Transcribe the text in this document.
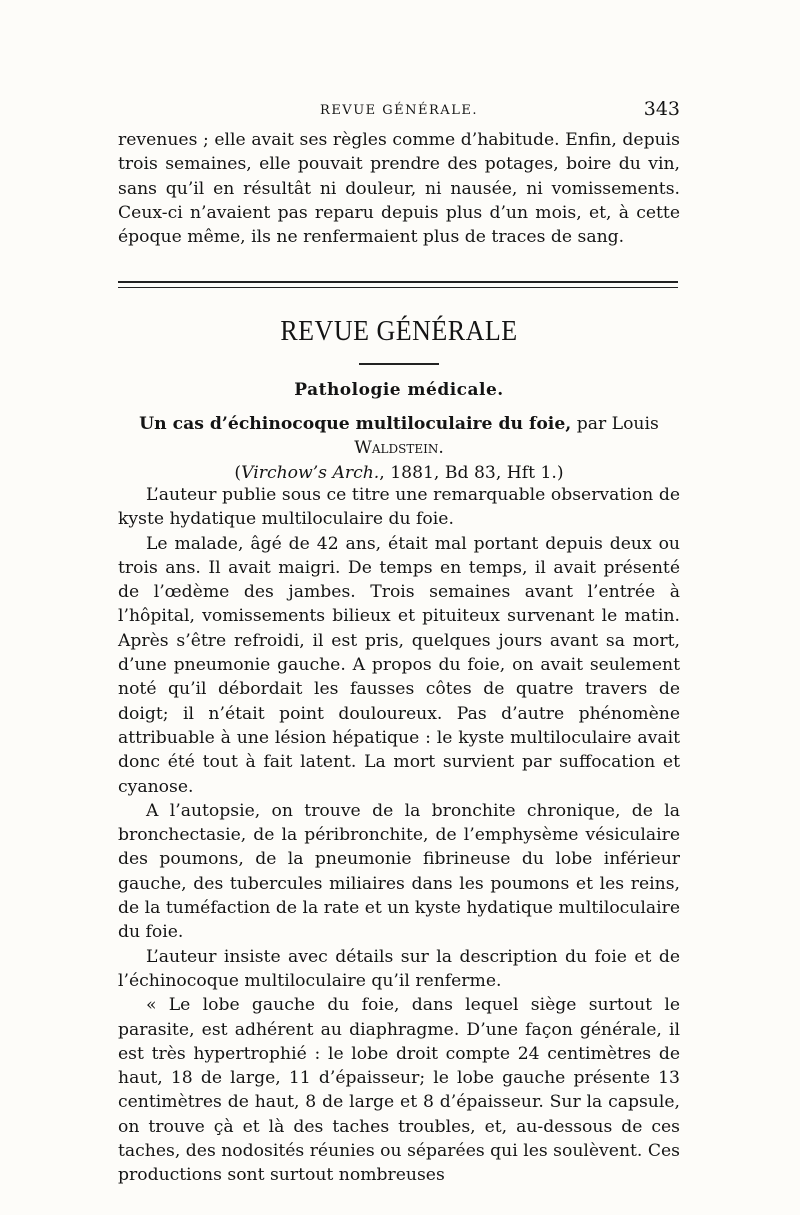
REVUE GÉNÉRALE.	343

revenues ; elle avait ses règles comme d’habitude. Enfin, depuis trois semaines, elle pouvait prendre des potages, boire du vin, sans qu’il en résultât ni douleur, ni nausée, ni vomissements. Ceux-ci n’avaient pas reparu depuis plus d’un mois, et, à cette époque même, ils ne renfermaient plus de traces de sang.

REVUE GÉNÉRALE
Pathologie médicale.
Un cas d’échinocoque multiloculaire du foie, par Louis Waldstein.
(Virchow’s Arch., 1881, Bd 83, Hft 1.)

L’auteur publie sous ce titre une remarquable observation de kyste hydatique multiloculaire du foie.

Le malade, âgé de 42 ans, était mal portant depuis deux ou trois ans. Il avait maigri. De temps en temps, il avait présenté de l’œdème des jambes. Trois semaines avant l’entrée à l’hôpital, vomissements bilieux et pituiteux survenant le matin. Après s’être refroidi, il est pris, quelques jours avant sa mort, d’une pneumonie gauche. A propos du foie, on avait seulement noté qu’il débordait les fausses côtes de quatre travers de doigt; il n’était point douloureux. Pas d’autre phénomène attribuable à une lésion hépatique : le kyste multiloculaire avait donc été tout à fait latent. La mort survient par suffocation et cyanose.

A l’autopsie, on trouve de la bronchite chronique, de la bronchectasie, de la péribronchite, de l’emphysème vésiculaire des poumons, de la pneumonie fibrineuse du lobe inférieur gauche, des tubercules miliaires dans les poumons et les reins, de la tuméfaction de la rate et un kyste hydatique multiloculaire du foie.

L’auteur insiste avec détails sur la description du foie et de l’échinocoque multiloculaire qu’il renferme.

« Le lobe gauche du foie, dans lequel siège surtout le parasite, est adhérent au diaphragme. D’une façon générale, il est très hypertrophié : le lobe droit compte 24 centimètres de haut, 18 de large, 11 d’épaisseur; le lobe gauche présente 13 centimètres de haut, 8 de large et 8 d’épaisseur. Sur la capsule, on trouve çà et là des taches troubles, et, au-dessous de ces taches, des nodosités réunies ou séparées qui les soulèvent. Ces productions sont surtout nombreuses
